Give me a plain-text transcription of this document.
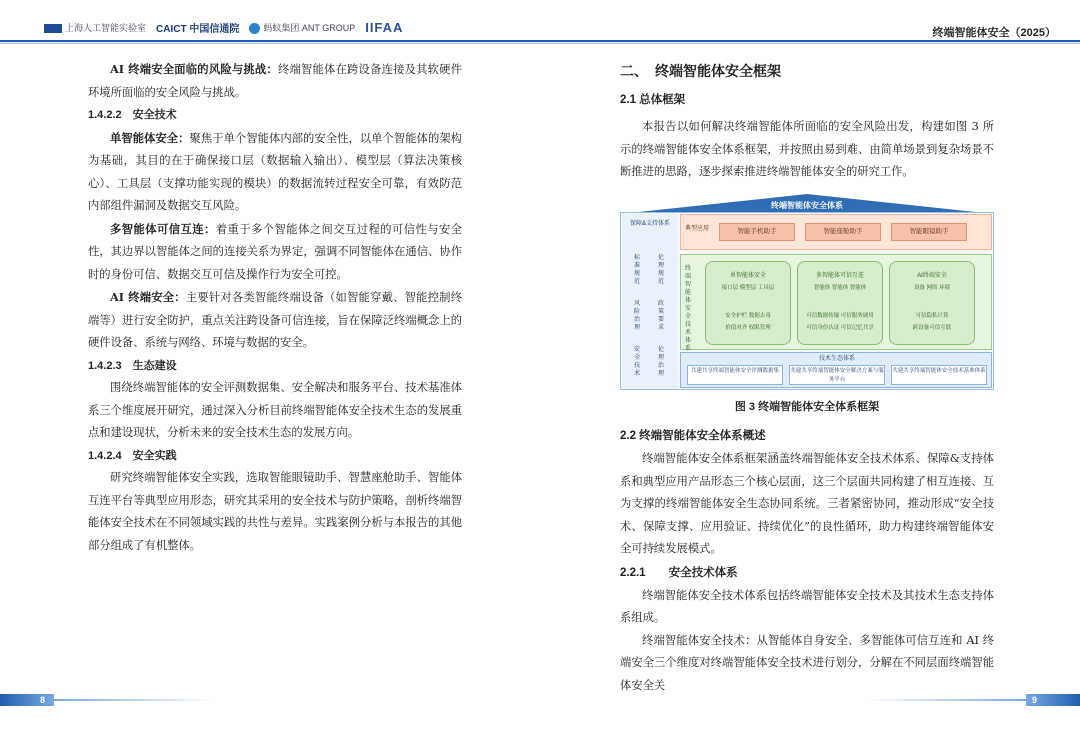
上海人工智能实验室 CAICT 中国信通院	蚂蚁集团 ANT GROUP IIFAA	终端智能体安全（2025）

AI 终端安全面临的风险与挑战：终端智能体在跨设备连接及其软硬件环境所面临的安全风险与挑战。

1.4.2.2　安全技术

单智能体安全：聚焦于单个智能体内部的安全性，以单个智能体的架构为基础，其目的在于确保接口层（数据输入输出）、模型层（算法决策核心）、工具层（支撑功能实现的模块）的数据流转过程安全可靠，有效防范内部组件漏洞及数据交互风险。

多智能体可信互连：着重于多个智能体之间交互过程的可信性与安全性，其边界以智能体之间的连接关系为界定，强调不同智能体在通信、协作时的身份可信、数据交互可信及操作行为安全可控。

AI 终端安全：主要针对各类智能终端设备（如智能穿戴、智能控制终端等）进行安全防护，重点关注跨设备可信连接，旨在保障泛终端概念上的硬件设备、系统与网络、环境与数据的安全。

1.4.2.3　生态建设

围绕终端智能体的安全评测数据集、安全解决和服务平台、技术基准体系三个维度展开研究，通过深入分析目前终端智能体安全技术生态的发展重点和建设现状，分析未来的安全技术生态的发展方向。

1.4.2.4　安全实践

研究终端智能体安全实践，选取智能眼镜助手、智慧座舱助手、智能体互连平台等典型应用形态，研究其采用的安全技术与防护策略，剖析终端智能体安全技术在不同领域实践的共性与差异。实践案例分析与本报告的其他部分组成了有机整体。

二、　终端智能体安全框架

2.1 总体框架

本报告以如何解决终端智能体所面临的安全风险出发，构建如图 3 所示的终端智能体安全体系框架，并按照由易到难、由简单场景到复杂场景不断推进的思路，逐步探索推进终端智能体安全的研究工作。

终端智能体安全体系
保障&支持体系
标准规范
风险治理
安全技术
伦理规范
政策要求
伦理治理
典型应用	智能手机助手	智能座舱助手	智能眼镜助手
终端智能体安全技术体系
单智能体安全
接口层 模型层 工具层
安全护栏 数据去毒
价值对齐 权限管理
多智能体可信互连
智能体 智能体 智能体
可信数据传输 可信服务调用
可信身份认证 可信记忆共享
AI终端安全
设备 网络 环境
可信隐私计算
跨设备可信互联
技术生态体系
共建共享终端智能体安全评测数据集	共建共享终端智能体安全解决方案与服务平台
共建共享终端智能体安全技术基准体系

图 3 终端智能体安全体系框架

2.2 终端智能体安全体系概述

终端智能体安全体系框架涵盖终端智能体安全技术体系、保障&支持体系和典型应用产品形态三个核心层面，这三个层面共同构建了相互连接、互为支撑的终端智能体安全生态协同系统。三者紧密协同，推动形成“安全技术、保障支撑、应用验证、持续优化”的良性循环，助力构建终端智能体安全可持续发展模式。

2.2.1　　安全技术体系

终端智能体安全技术体系包括终端智能体安全技术及其技术生态支持体系组成。

终端智能体安全技术：从智能体自身安全、多智能体可信互连和 AI 终端安全三个维度对终端智能体安全技术进行划分，分解在不同层面终端智能体安全关

8	9
